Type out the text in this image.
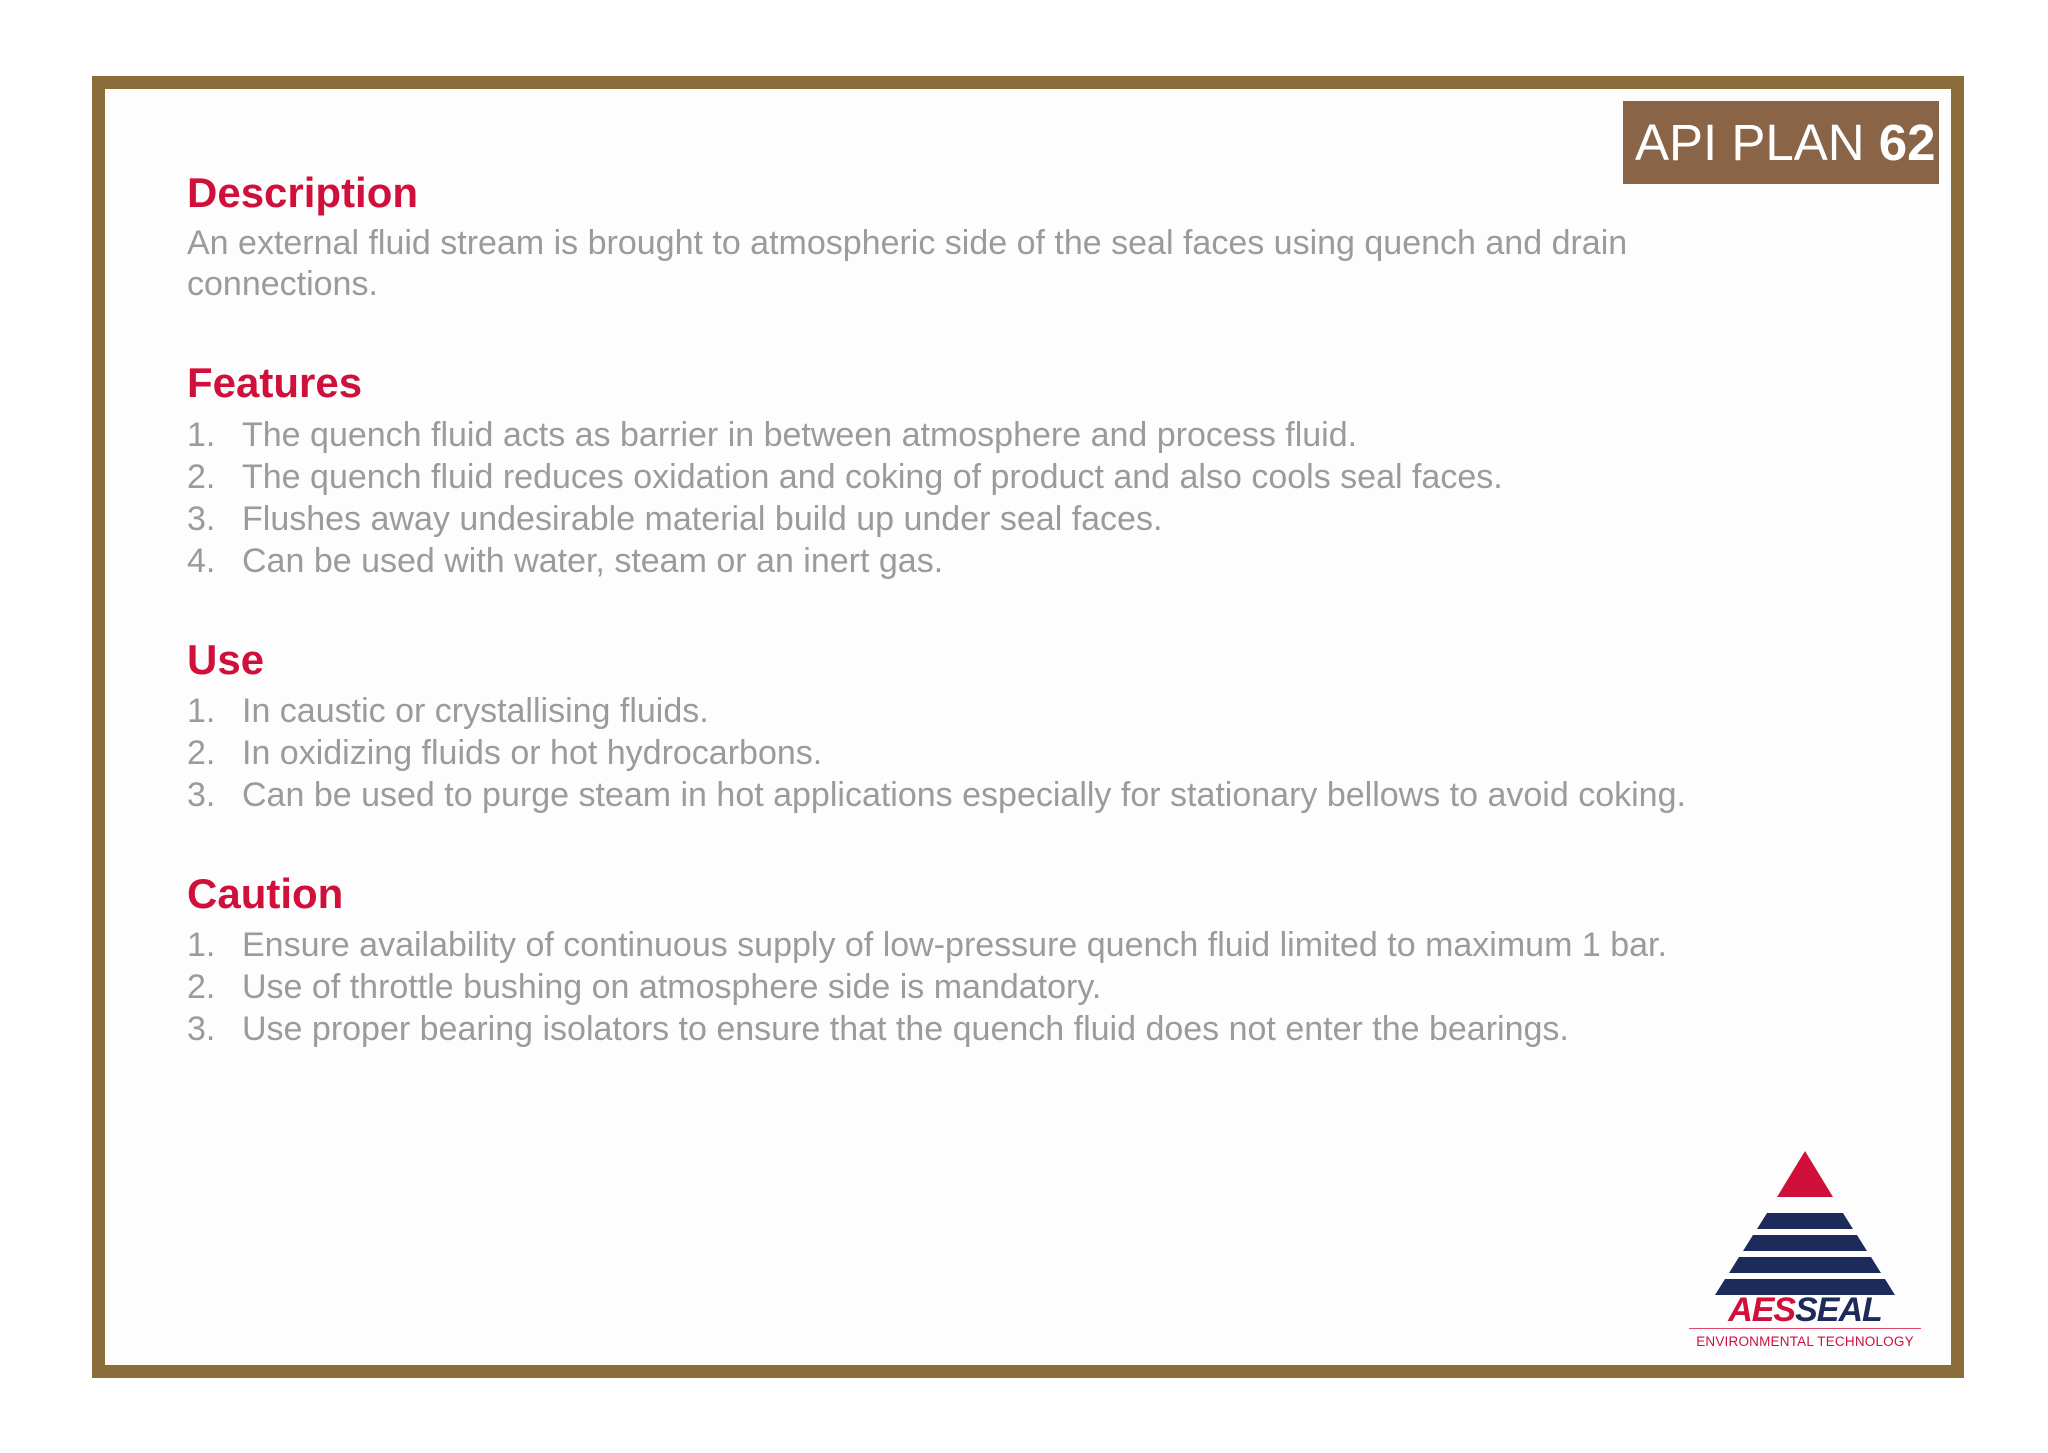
API PLAN 62
Description

An external fluid stream is brought to atmospheric side of the seal faces using quench and drain connections.

Features
1. The quench fluid acts as barrier in between atmosphere and process fluid.
2. The quench fluid reduces oxidation and coking of product and also cools seal faces.
3. Flushes away undesirable material build up under seal faces.
4. Can be used with water, steam or an inert gas.
Use
1. In caustic or crystallising fluids.
2. In oxidizing fluids or hot hydrocarbons.
3. Can be used to purge steam in hot applications especially for stationary bellows to avoid coking.
Caution
1. Ensure availability of continuous supply of low-pressure quench fluid limited to maximum 1 bar.
2. Use of throttle bushing on atmosphere side is mandatory.
3. Use proper bearing isolators to ensure that the quench fluid does not enter the bearings.
AESSEAL
ENVIRONMENTAL TECHNOLOGY
